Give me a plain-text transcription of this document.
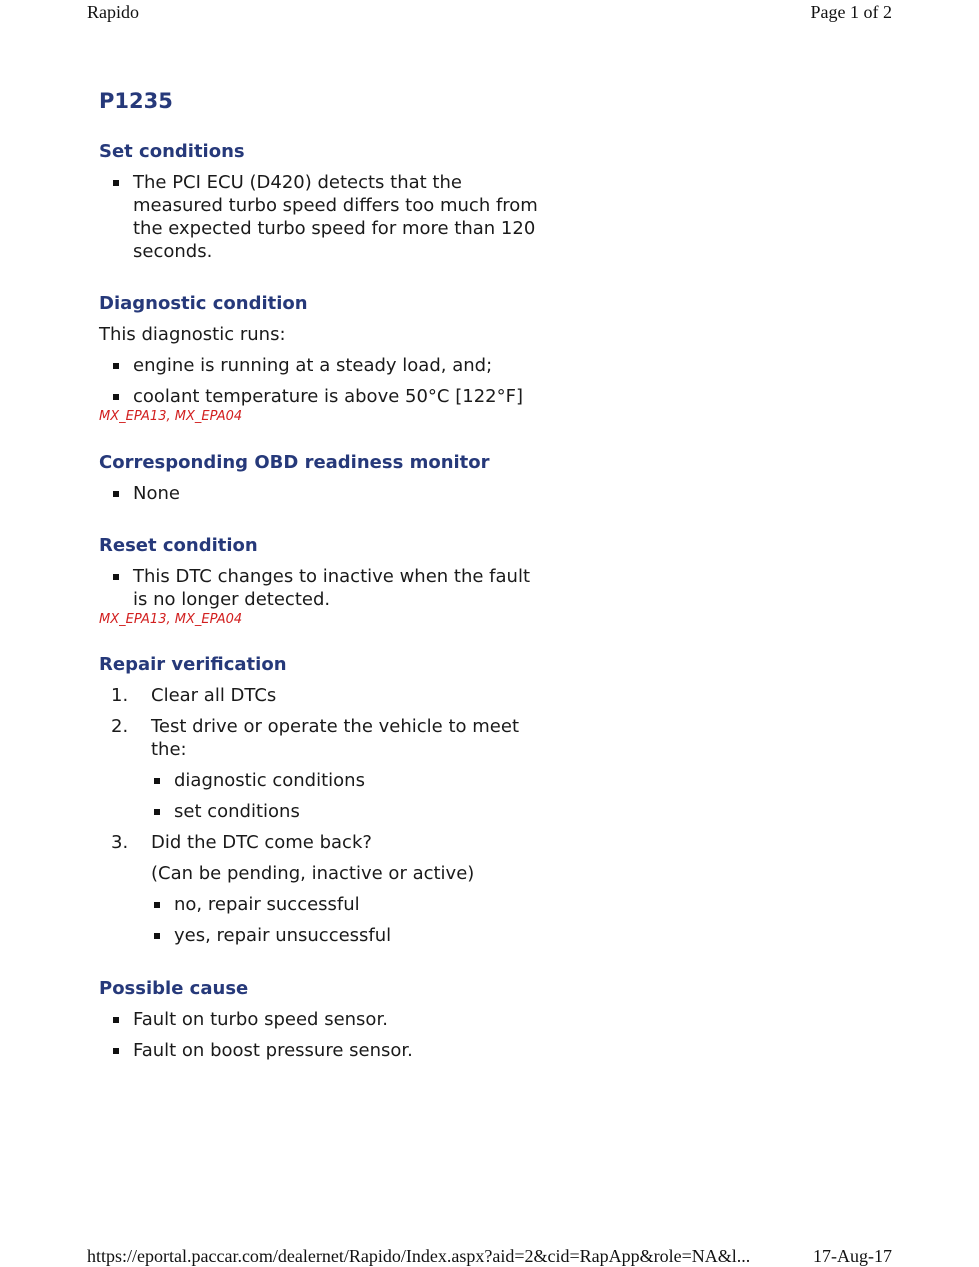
Rapido	Page 1 of 2
P1235
Set conditions
The PCI ECU (D420) detects that the measured turbo speed differs too much from the expected turbo speed for more than 120 seconds.
Diagnostic condition

This diagnostic runs:

engine is running at a steady load, and;
coolant temperature is above 50°C [122°F]

MX_EPA13, MX_EPA04

Corresponding OBD readiness monitor
None
Reset condition
This DTC changes to inactive when the fault is no longer detected.

MX_EPA13, MX_EPA04

Repair verification
1. Clear all DTCs
2. Test drive or operate the vehicle to meet the:
diagnostic conditions
set conditions
3. Did the DTC come back?

(Can be pending, inactive or active)

no, repair successful
yes, repair unsuccessful
Possible cause
Fault on turbo speed sensor.
Fault on boost pressure sensor.
https://eportal.paccar.com/dealernet/Rapido/Index.aspx?aid=2&cid=RapApp&role=NA&l...	17-Aug-17
